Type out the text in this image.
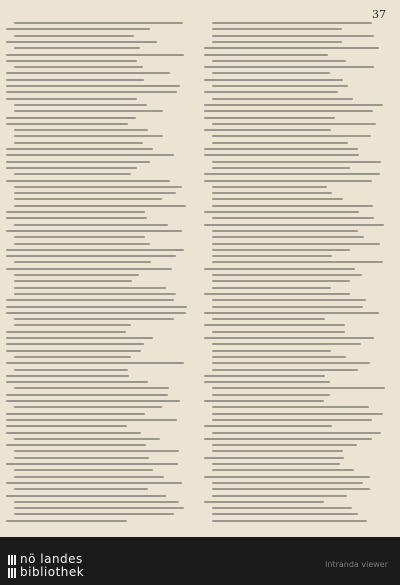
37
nö landes
bibliothek
Intranda viewer
